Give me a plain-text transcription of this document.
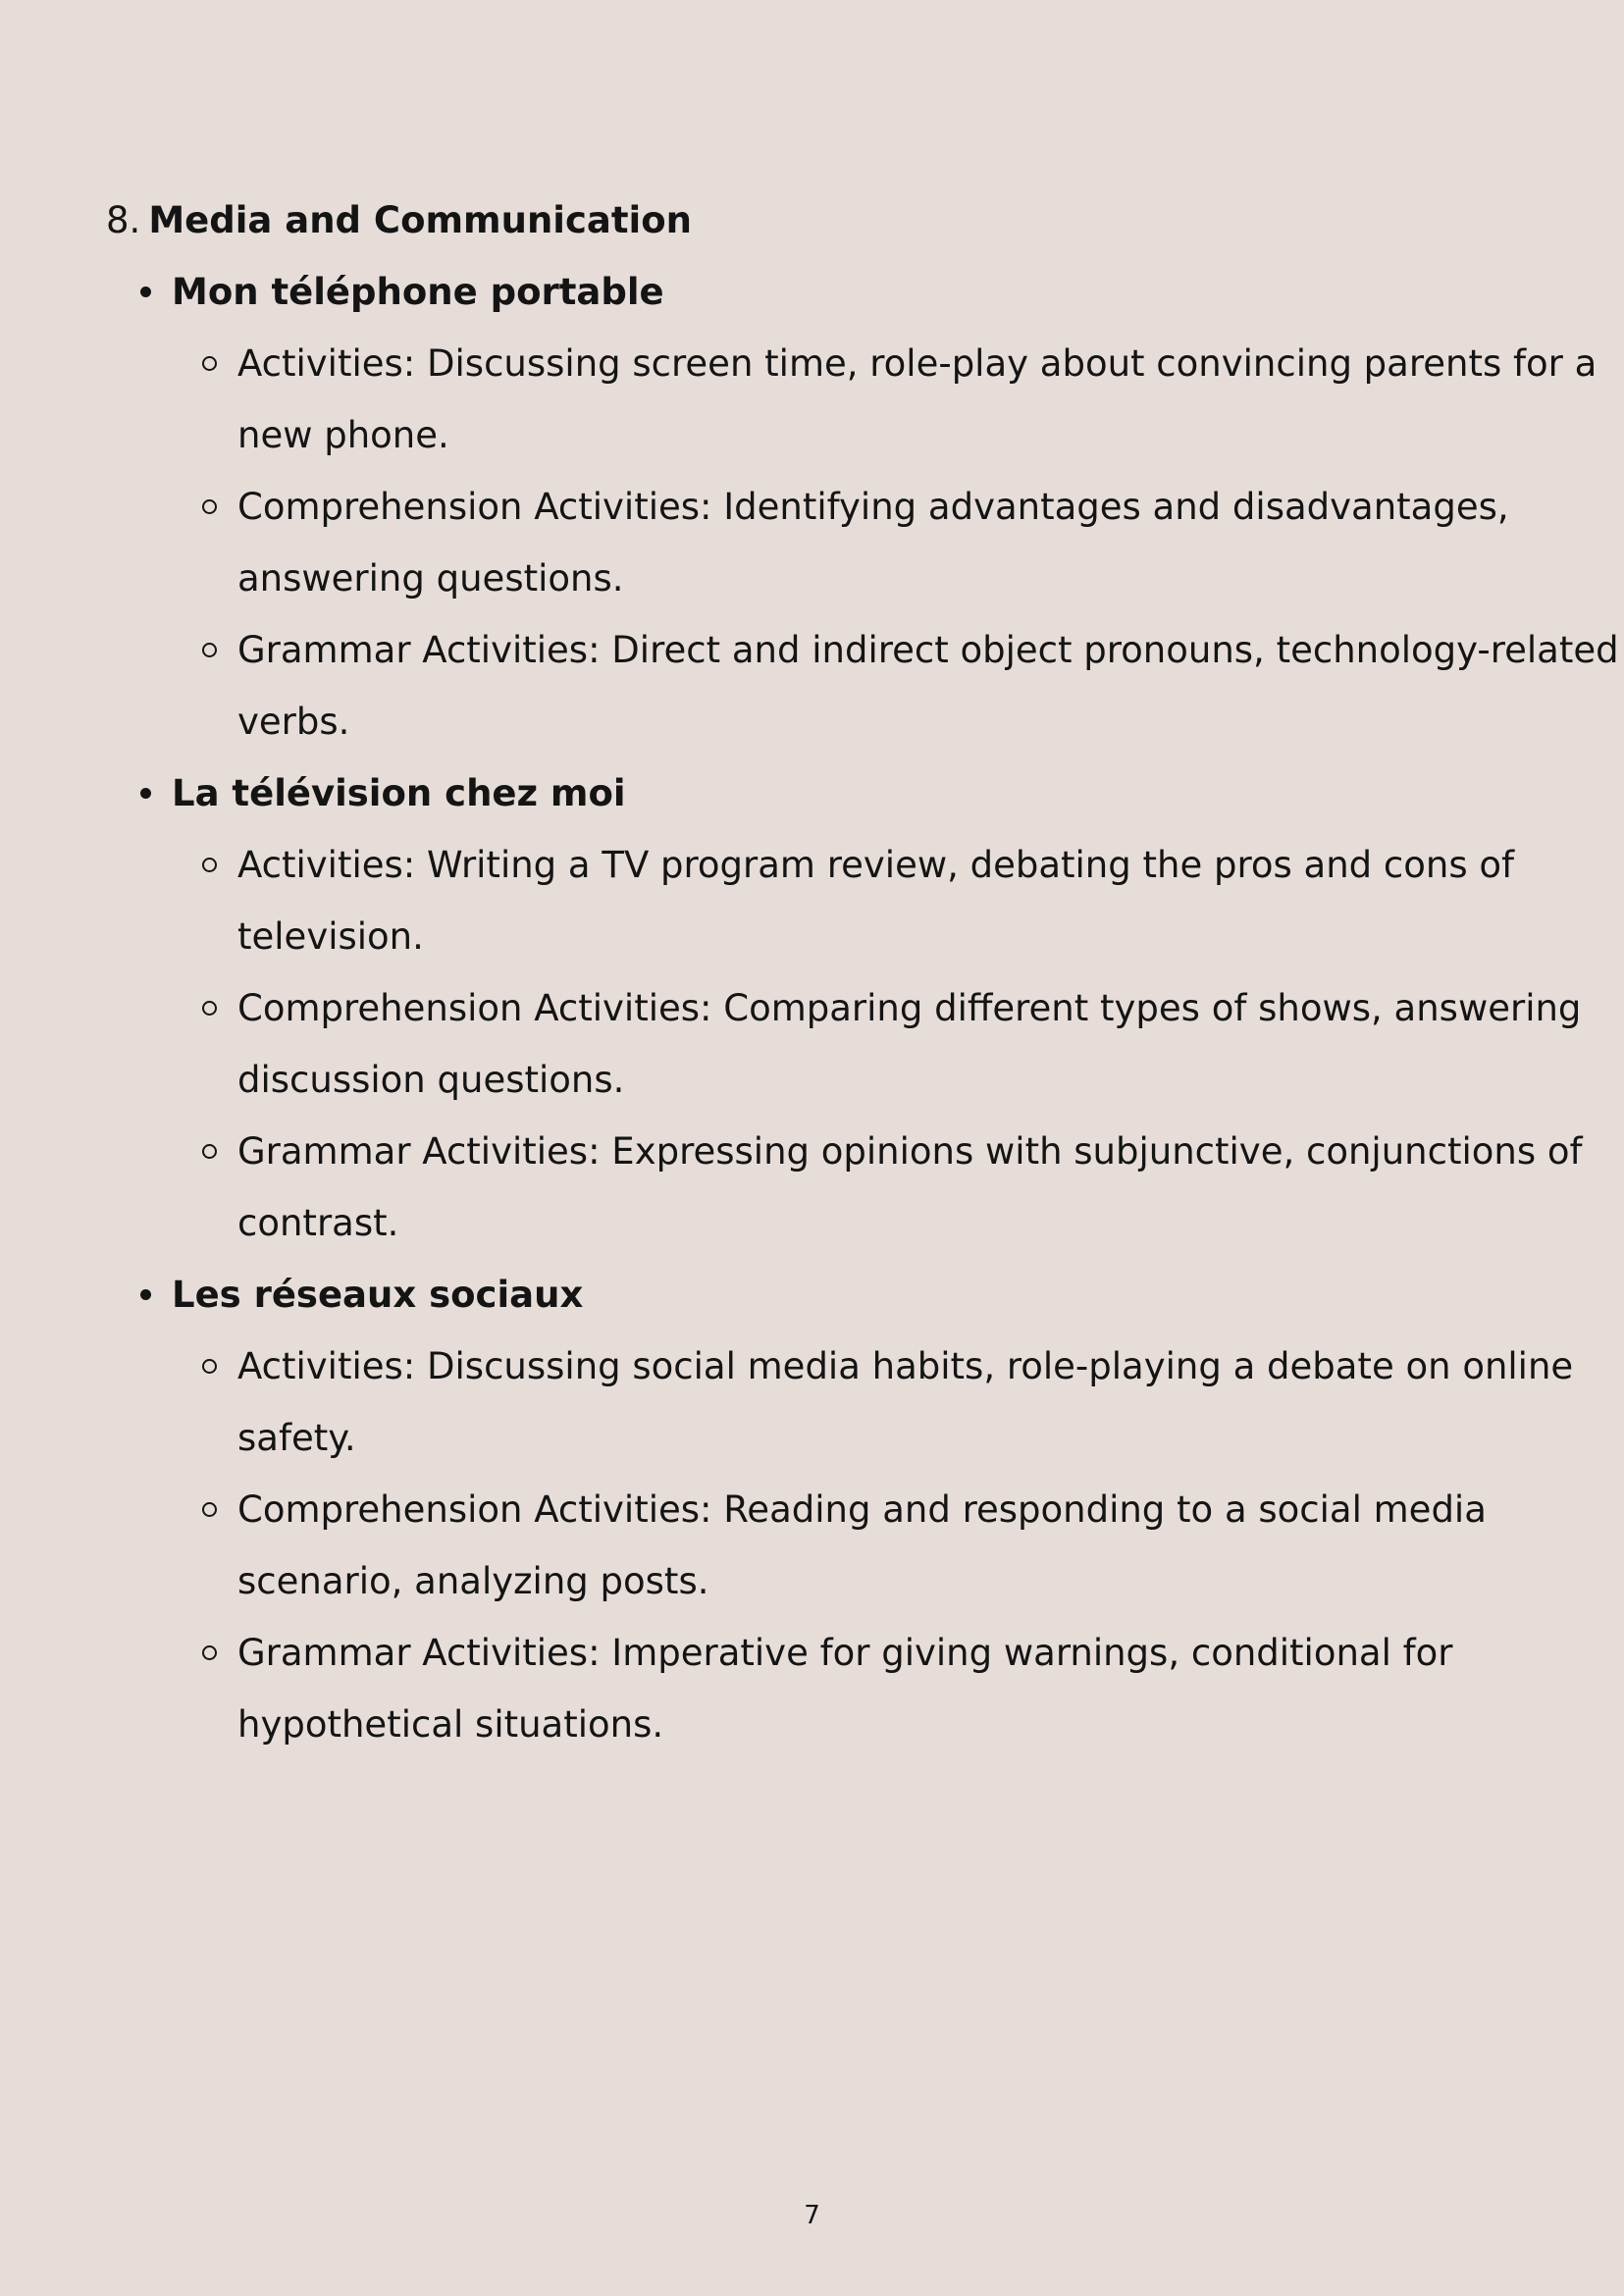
8. Media and Communication
Mon téléphone portable
Activities: Discussing screen time, role-play about convincing parents for a new phone.
Comprehension Activities: Identifying advantages and disadvantages, answering questions.
Grammar Activities: Direct and indirect object pronouns, technology-related verbs.
La télévision chez moi
Activities: Writing a TV program review, debating the pros and cons of television.
Comprehension Activities: Comparing different types of shows, answering discussion questions.
Grammar Activities: Expressing opinions with subjunctive, conjunctions of contrast.
Les réseaux sociaux
Activities: Discussing social media habits, role-playing a debate on online safety.
Comprehension Activities: Reading and responding to a social media scenario, analyzing posts.
Grammar Activities: Imperative for giving warnings, conditional for hypothetical situations.
7
